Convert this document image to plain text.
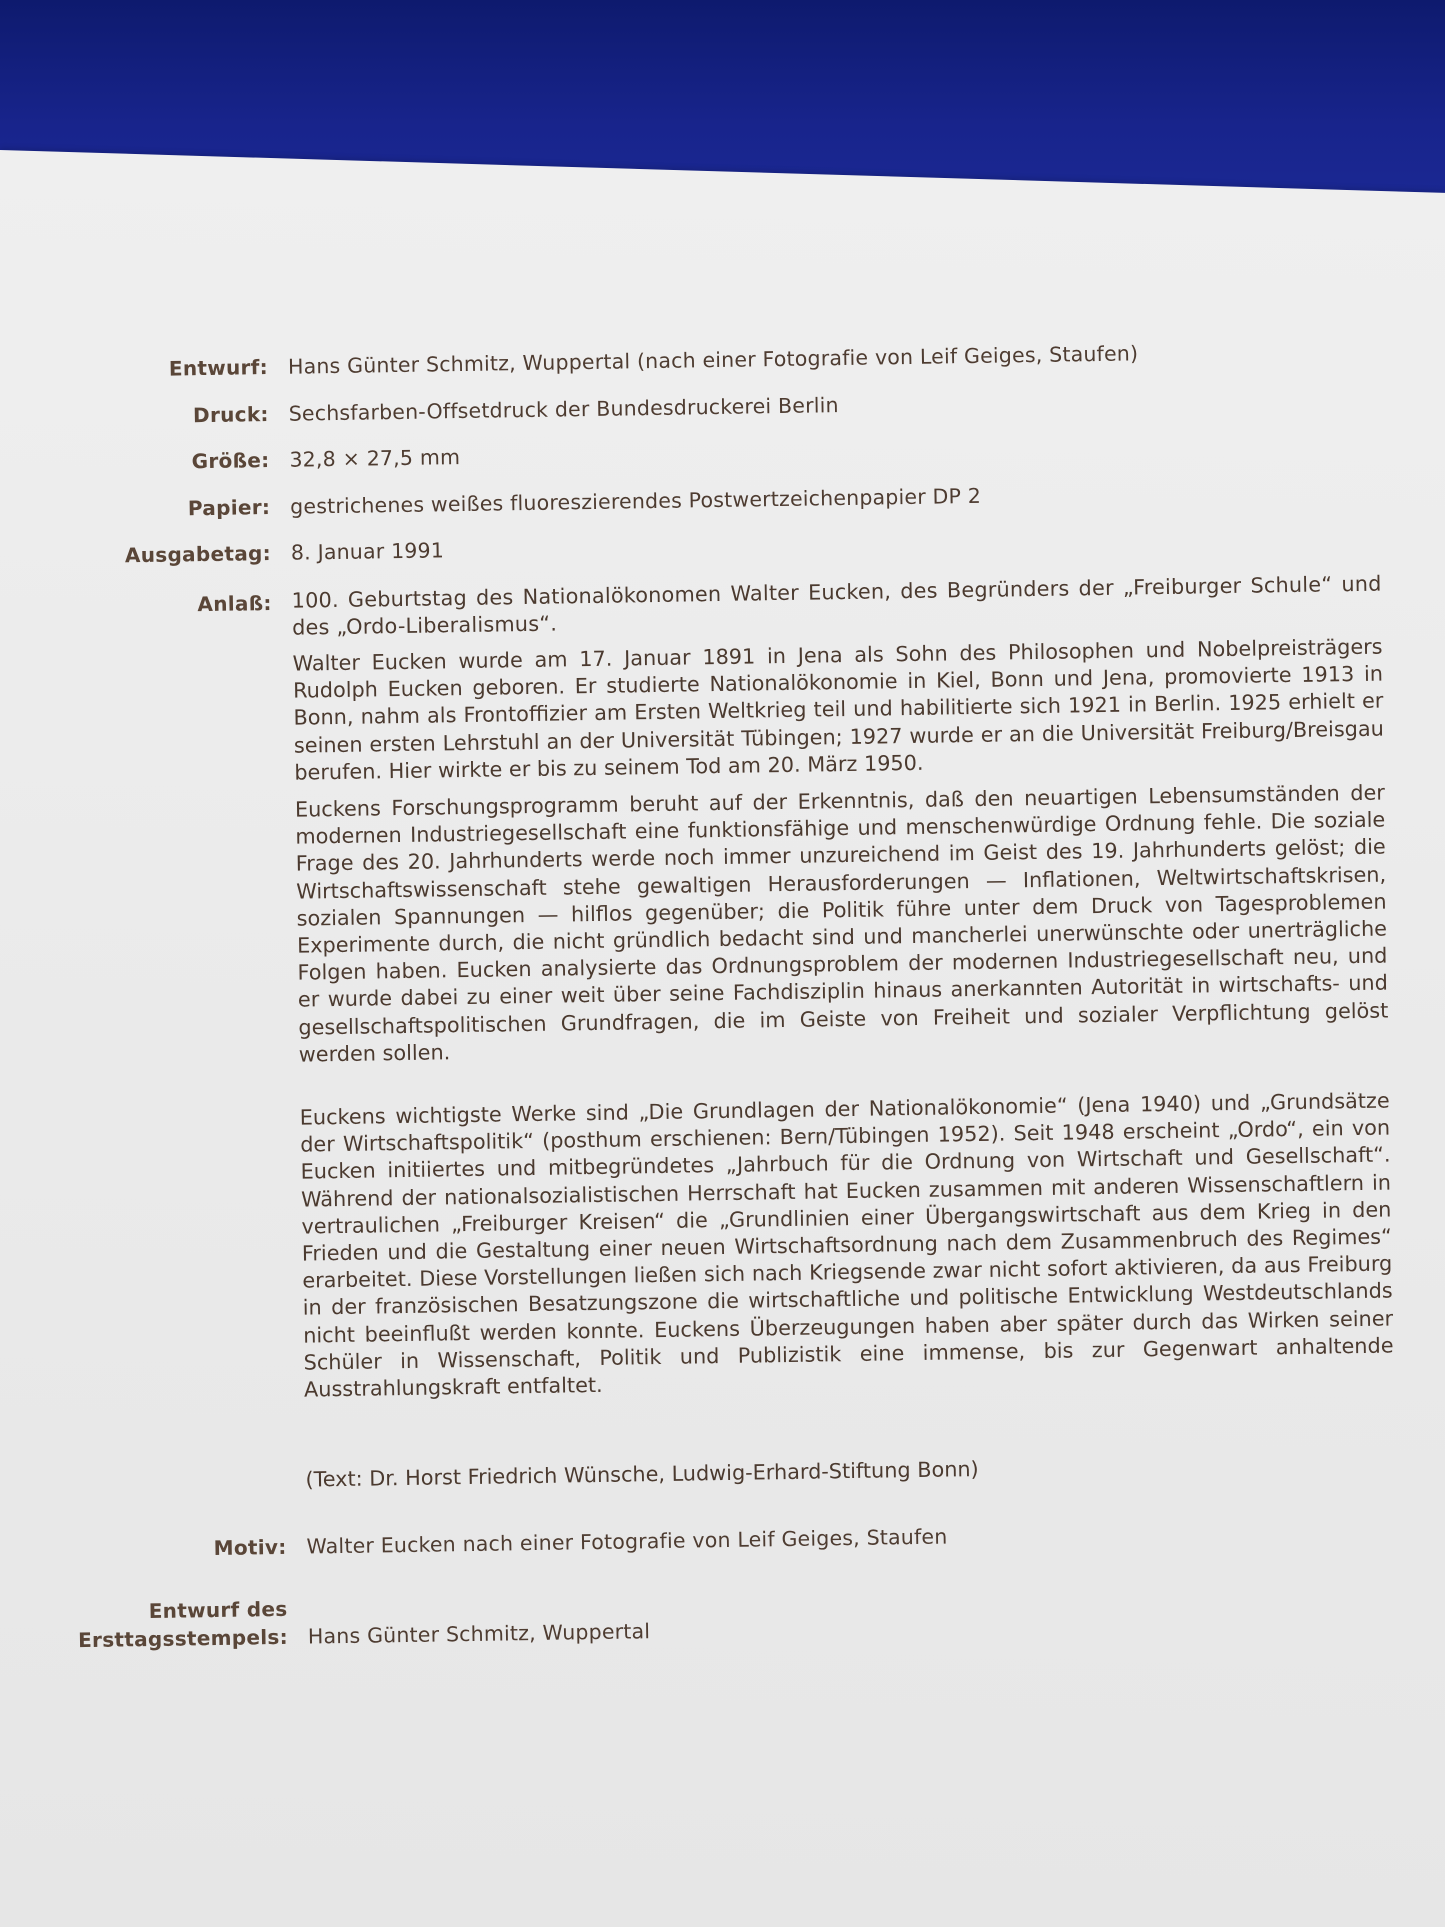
Entwurf: Hans Günter Schmitz, Wuppertal (nach einer Fotografie von Leif Geiges, Staufen)
Druck: Sechsfarben-Offsetdruck der Bundesdruckerei Berlin
Größe: 32,8 × 27,5 mm
Papier: gestrichenes weißes fluoreszierendes Postwertzeichenpapier DP 2
Ausgabetag: 8. Januar 1991
Anlaß: 100. Geburtstag des Nationalökonomen Walter Eucken, des Begründers der „Freiburger Schule“ und des „Ordo-Liberalismus“.
Walter Eucken wurde am 17. Januar 1891 in Jena als Sohn des Philosophen und Nobelpreisträgers Rudolph Eucken geboren. Er studierte Nationalökonomie in Kiel, Bonn und Jena, promovierte 1913 in Bonn, nahm als Frontoffizier am Ersten Weltkrieg teil und habilitierte sich 1921 in Berlin. 1925 erhielt er seinen ersten Lehrstuhl an der Universität Tübingen; 1927 wurde er an die Universität Freiburg/Breisgau berufen. Hier wirkte er bis zu seinem Tod am 20. März 1950.
Euckens Forschungsprogramm beruht auf der Erkenntnis, daß den neuartigen Lebensumständen der modernen Industriegesellschaft eine funktionsfähige und menschenwürdige Ordnung fehle. Die soziale Frage des 20. Jahrhunderts werde noch immer unzureichend im Geist des 19. Jahrhunderts gelöst; die Wirtschaftswissenschaft stehe gewaltigen Herausforderungen — Inflationen, Weltwirtschaftskrisen, sozialen Spannungen — hilflos gegenüber; die Politik führe unter dem Druck von Tagesproblemen Experimente durch, die nicht gründlich bedacht sind und mancherlei unerwünschte oder unerträgliche Folgen haben. Eucken analysierte das Ordnungsproblem der modernen Industriegesellschaft neu, und er wurde dabei zu einer weit über seine Fachdisziplin hinaus anerkannten Autorität in wirtschafts- und gesellschaftspolitischen Grundfragen, die im Geiste von Freiheit und sozialer Verpflichtung gelöst werden sollen.
Euckens wichtigste Werke sind „Die Grundlagen der Nationalökonomie“ (Jena 1940) und „Grundsätze der Wirtschaftspolitik“ (posthum erschienen: Bern/Tübingen 1952). Seit 1948 erscheint „Ordo“, ein von Eucken initiiertes und mitbegründetes „Jahrbuch für die Ordnung von Wirtschaft und Gesellschaft“. Während der nationalsozialistischen Herrschaft hat Eucken zusammen mit anderen Wissenschaftlern in vertraulichen „Freiburger Kreisen“ die „Grundlinien einer Übergangswirtschaft aus dem Krieg in den Frieden und die Gestaltung einer neuen Wirtschaftsordnung nach dem Zusammenbruch des Regimes“ erarbeitet. Diese Vorstellungen ließen sich nach Kriegsende zwar nicht sofort aktivieren, da aus Freiburg in der französischen Besatzungszone die wirtschaftliche und politische Entwicklung Westdeutschlands nicht beeinflußt werden konnte. Euckens Überzeugungen haben aber später durch das Wirken seiner Schüler in Wissenschaft, Politik und Publizistik eine immense, bis zur Gegenwart anhaltende Ausstrahlungskraft entfaltet.
(Text: Dr. Horst Friedrich Wünsche, Ludwig-Erhard-Stiftung Bonn)
Motiv: Walter Eucken nach einer Fotografie von Leif Geiges, Staufen
Entwurf des
Ersttagsstempels: Hans Günter Schmitz, Wuppertal
